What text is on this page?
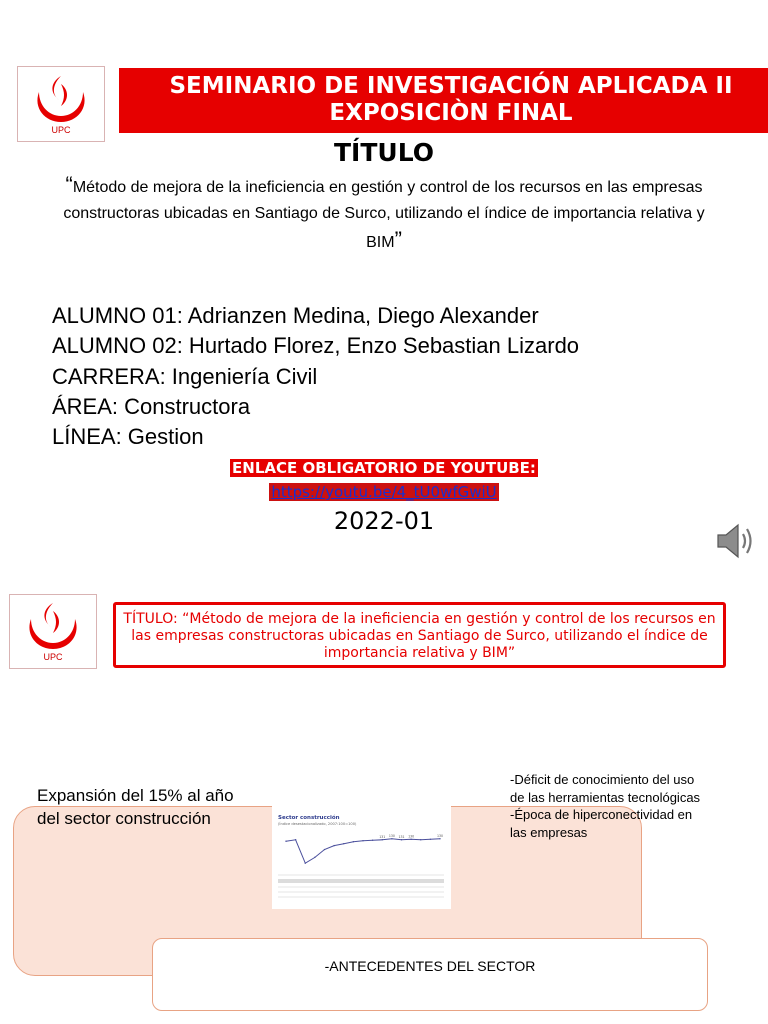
UPC
SEMINARIO DE INVESTIGACIÓN APLICADA II
EXPOSICIÒN FINAL
TÍTULO
“Método de mejora de la ineficiencia en gestión y control de los recursos en las empresas constructoras ubicadas en Santiago de Surco, utilizando el índice de importancia relativa y BIM”
ALUMNO 01: Adrianzen Medina, Diego Alexander
ALUMNO 02: Hurtado Florez, Enzo Sebastian Lizardo
CARRERA: Ingeniería Civil
ÁREA: Constructora
LÍNEA: Gestion
ENLACE OBLIGATORIO DE YOUTUBE:
https://youtu.be/4_tU0wfGwiU
2022-01
UPC
TÍTULO: “Método de mejora de la ineficiencia en gestión y control de los recursos en las empresas constructoras ubicadas en Santiago de Surco, utilizando el índice de importancia relativa y BIM”
Expansión del 15% al año del sector construcción
-Déficit de conocimiento del uso de las herramientas tecnológicas
-Época de hiperconectividad en las empresas
Sector construcción
(Índice desestacionalizado, 2007:100=100)
131 130 131 130	130
-ANTECEDENTES DEL SECTOR
